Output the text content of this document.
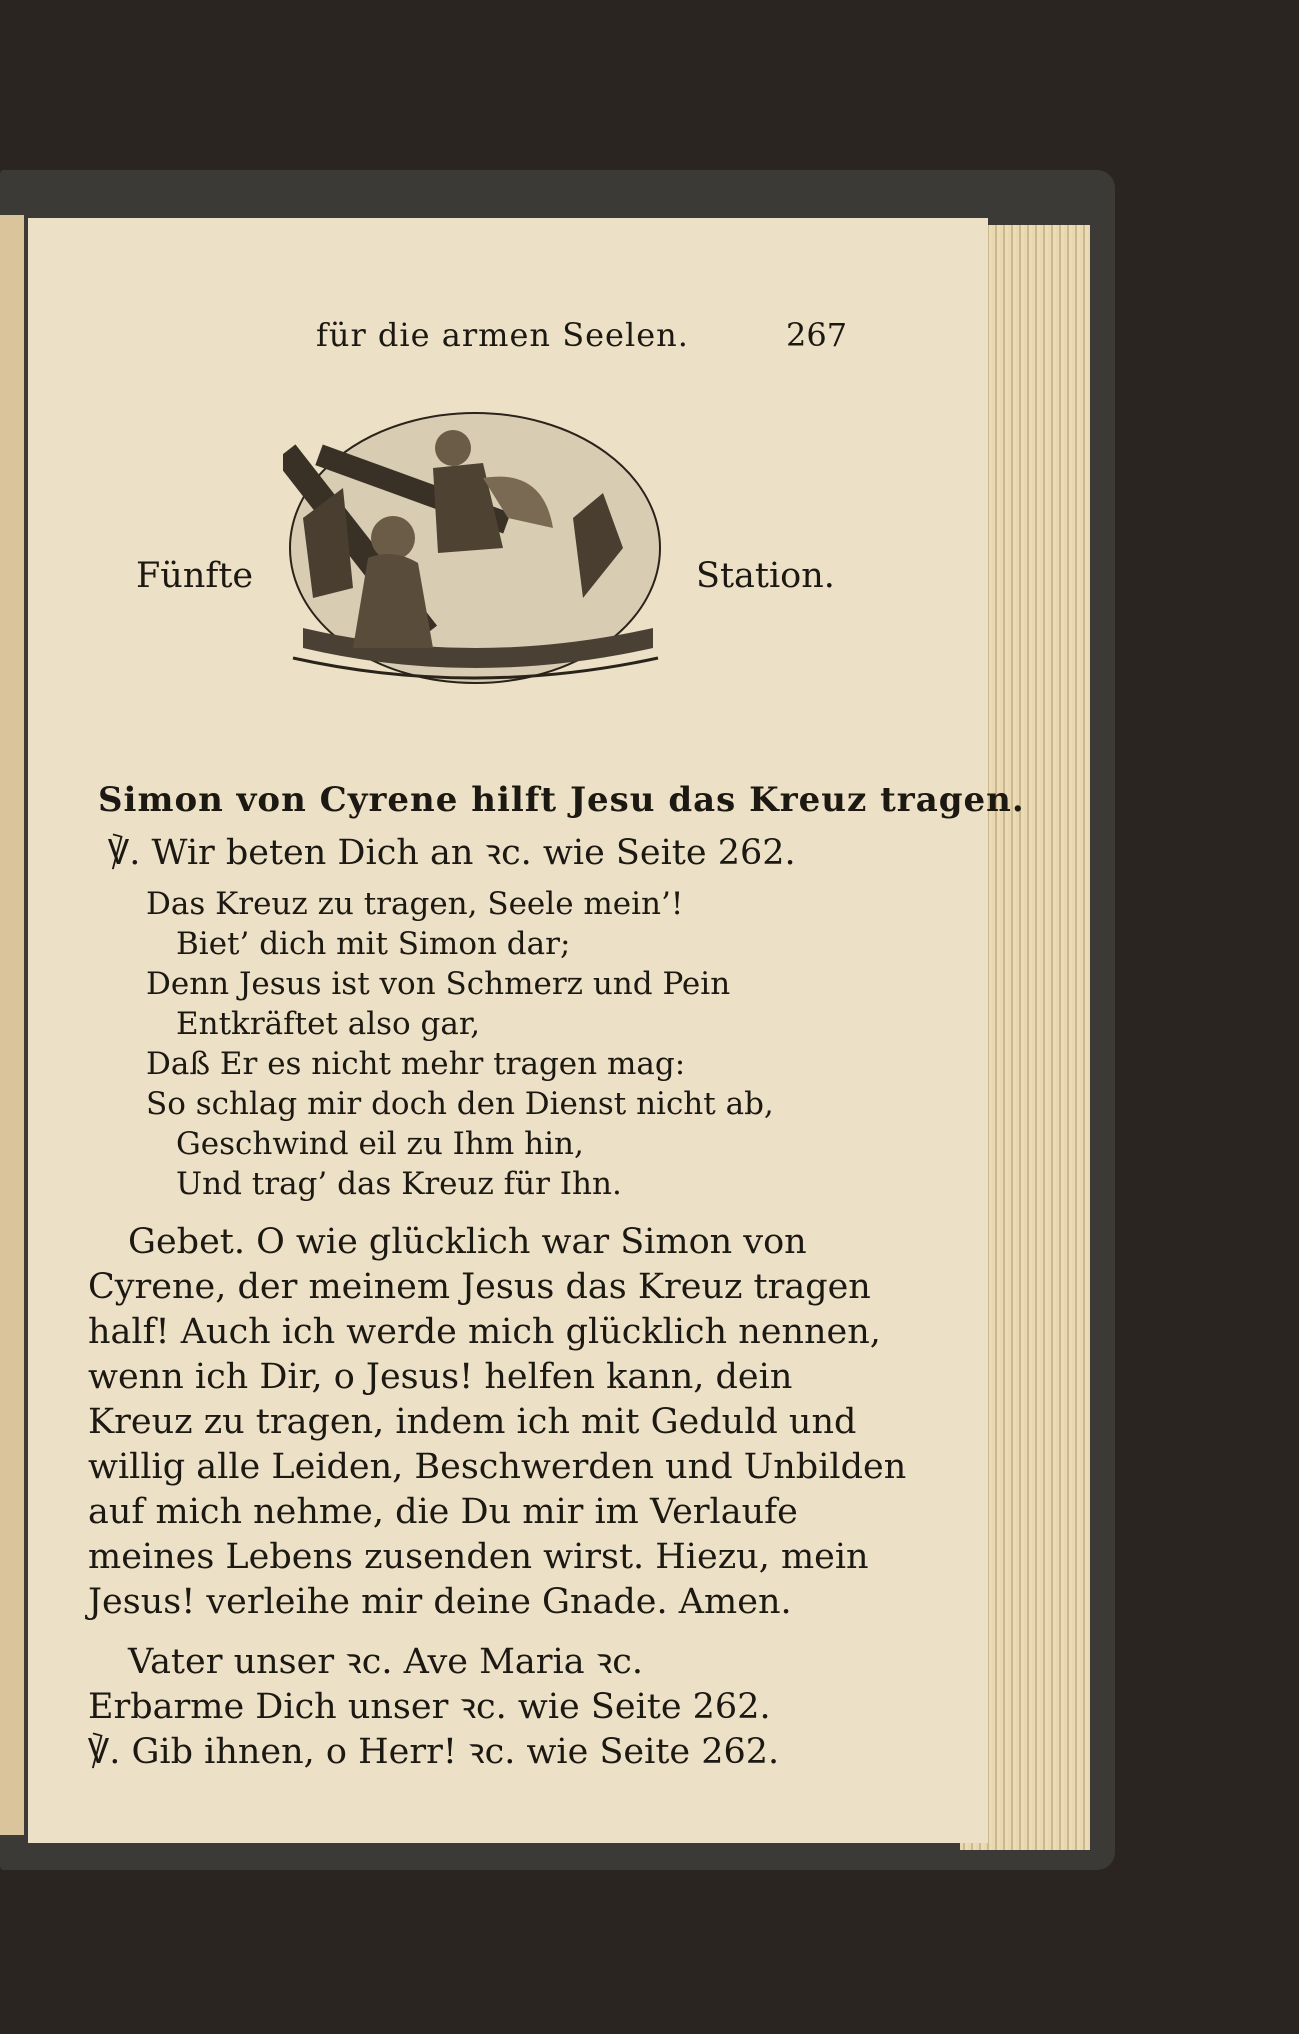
für die armen Seelen.	267
Fünfte	Station.
Simon von Cyrene hilft Jesu das Kreuz tragen.
℣. Wir beten Dich an ꝛc. wie Seite 262.
Das Kreuz zu tragen, Seele mein’!
Biet’ dich mit Simon dar;
Denn Jesus ist von Schmerz und Pein
Entkräftet also gar,
Daß Er es nicht mehr tragen mag:
So schlag mir doch den Dienst nicht ab,
Geschwind eil zu Ihm hin,
Und trag’ das Kreuz für Ihn.
Gebet. O wie glücklich war Simon von
Cyrene, der meinem Jesus das Kreuz tragen
half! Auch ich werde mich glücklich nennen,
wenn ich Dir, o Jesus! helfen kann, dein
Kreuz zu tragen, indem ich mit Geduld und
willig alle Leiden, Beschwerden und Unbilden
auf mich nehme, die Du mir im Verlaufe
meines Lebens zusenden wirst. Hiezu, mein
Jesus! verleihe mir deine Gnade. Amen.
Vater unser ꝛc. Ave Maria ꝛc.
Erbarme Dich unser ꝛc. wie Seite 262.
℣. Gib ihnen, o Herr! ꝛc. wie Seite 262.
